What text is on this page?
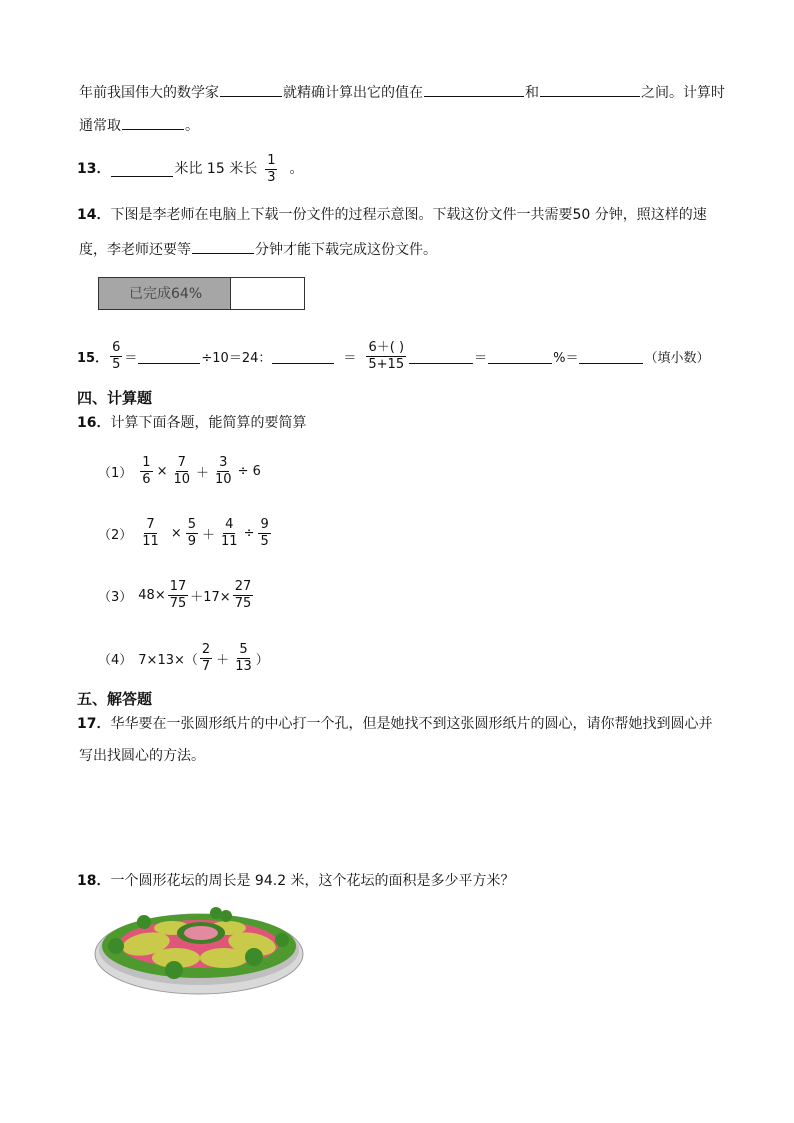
年前我国伟大的数学家	就精确计算出它的值在	和	之间。计算时
通常取	。
13．	米比 15 米长 $\frac{1}{3}$ 。
14．下图是李老师在电脑上下载一份文件的过程示意图。下载这份文件一共需要50 分钟，照这样的速
度，李老师还要等	分钟才能下载完成这份文件。
已完成64%
15． $\frac{6}{5}$ ＝	÷10＝24：	＝ $\frac{6+( )}{5+15}$	＝	%＝	（填小数）
四、计算题
16．计算下面各题，能简算的要简算
$(1) \frac{1}{6} \times \frac{7}{10} + \frac{3}{10} \div 6$
$(2) \frac{7}{11} \times \frac{5}{9} + \frac{4}{11} \div \frac{9}{5}$
（3） $48\times \frac{17}{75} +17\times \frac{27}{75}$
（4） $7\times 13\times( \frac{2}{7} + \frac{5}{13}$ ）
五、解答题
17．华华要在一张圆形纸片的中心打一个孔，但是她找不到这张圆形纸片的圆心，请你帮她找到圆心并
写出找圆心的方法。
18．一个圆形花坛的周长是 94.2 米，这个花坛的面积是多少平方米？
